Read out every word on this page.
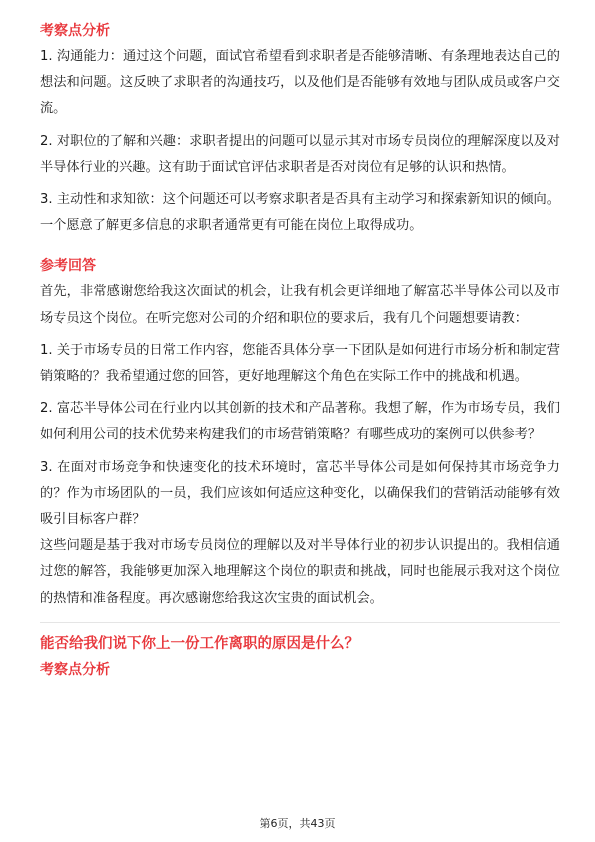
考察点分析

1. 沟通能力：通过这个问题，面试官希望看到求职者是否能够清晰、有条理地表达自己的想法和问题。这反映了求职者的沟通技巧，以及他们是否能够有效地与团队成员或客户交流。

2. 对职位的了解和兴趣：求职者提出的问题可以显示其对市场专员岗位的理解深度以及对半导体行业的兴趣。这有助于面试官评估求职者是否对岗位有足够的认识和热情。

3. 主动性和求知欲：这个问题还可以考察求职者是否具有主动学习和探索新知识的倾向。一个愿意了解更多信息的求职者通常更有可能在岗位上取得成功。

参考回答

首先，非常感谢您给我这次面试的机会，让我有机会更详细地了解富芯半导体公司以及市场专员这个岗位。在听完您对公司的介绍和职位的要求后，我有几个问题想要请教：

1. 关于市场专员的日常工作内容，您能否具体分享一下团队是如何进行市场分析和制定营销策略的？我希望通过您的回答，更好地理解这个角色在实际工作中的挑战和机遇。

2. 富芯半导体公司在行业内以其创新的技术和产品著称。我想了解，作为市场专员，我们如何利用公司的技术优势来构建我们的市场营销策略？有哪些成功的案例可以供参考？

3. 在面对市场竞争和快速变化的技术环境时，富芯半导体公司是如何保持其市场竞争力的？作为市场团队的一员，我们应该如何适应这种变化，以确保我们的营销活动能够有效吸引目标客户群？

这些问题是基于我对市场专员岗位的理解以及对半导体行业的初步认识提出的。我相信通过您的解答，我能够更加深入地理解这个岗位的职责和挑战，同时也能展示我对这个岗位的热情和准备程度。再次感谢您给我这次宝贵的面试机会。

能否给我们说下你上一份工作离职的原因是什么？
考察点分析
第6页，共43页
